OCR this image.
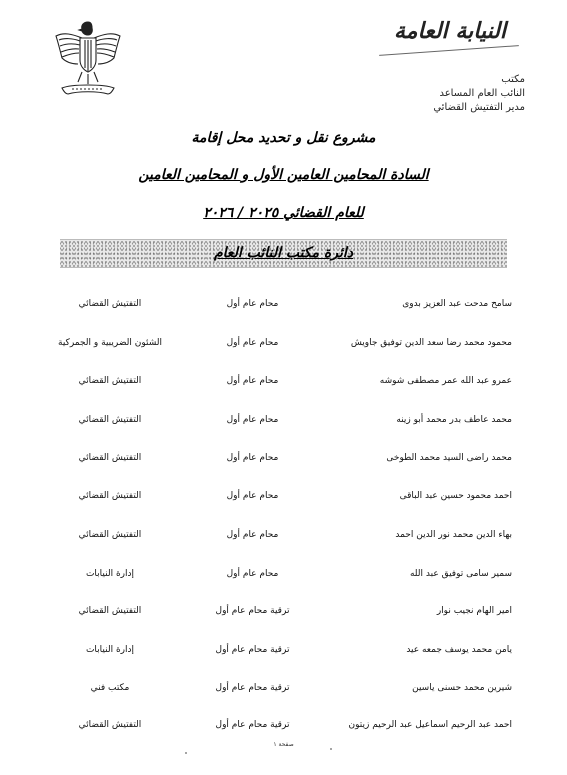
النيابة العامة
مكتب
النائب العام المساعد
مدير التفتيش القضائي
مشروع نقل و تحديد محل إقامة
السادة المحامين العامين الأول و المحامين العامين
للعام القضائي ٢٠٢٥ / ٢٠٢٦
دائرة مكتب النائب العام
سامح مدحت عبد العزيز بدوى
محام عام أول
التفتيش القضائي
محمود محمد رضا سعد الدين توفيق جاويش
محام عام أول
الشئون الضريبية و الجمركية
عمرو عبد الله عمر مصطفى شوشه
محام عام أول
التفتيش القضائي
محمد عاطف بدر محمد أبو زينه
محام عام أول
التفتيش القضائي
محمد راضى السيد محمد الطوخى
محام عام أول
التفتيش القضائي
احمد محمود حسين عبد الباقى
محام عام أول
التفتيش القضائي
بهاء الدين محمد نور الدين احمد
محام عام أول
التفتيش القضائي
سمير سامى توفيق عبد الله
محام عام أول
إدارة النيابات
امير الهام نجيب نوار
ترقية محام عام أول
التفتيش القضائي
يامن محمد يوسف جمعه عيد
ترقية محام عام أول
إدارة النيابات
شيرين محمد حسنى ياسين
ترقية محام عام أول
مكتب فني
احمد عبد الرحيم اسماعيل عبد الرحيم زيتون
ترقية محام عام أول
التفتيش القضائي
صفحة ١
